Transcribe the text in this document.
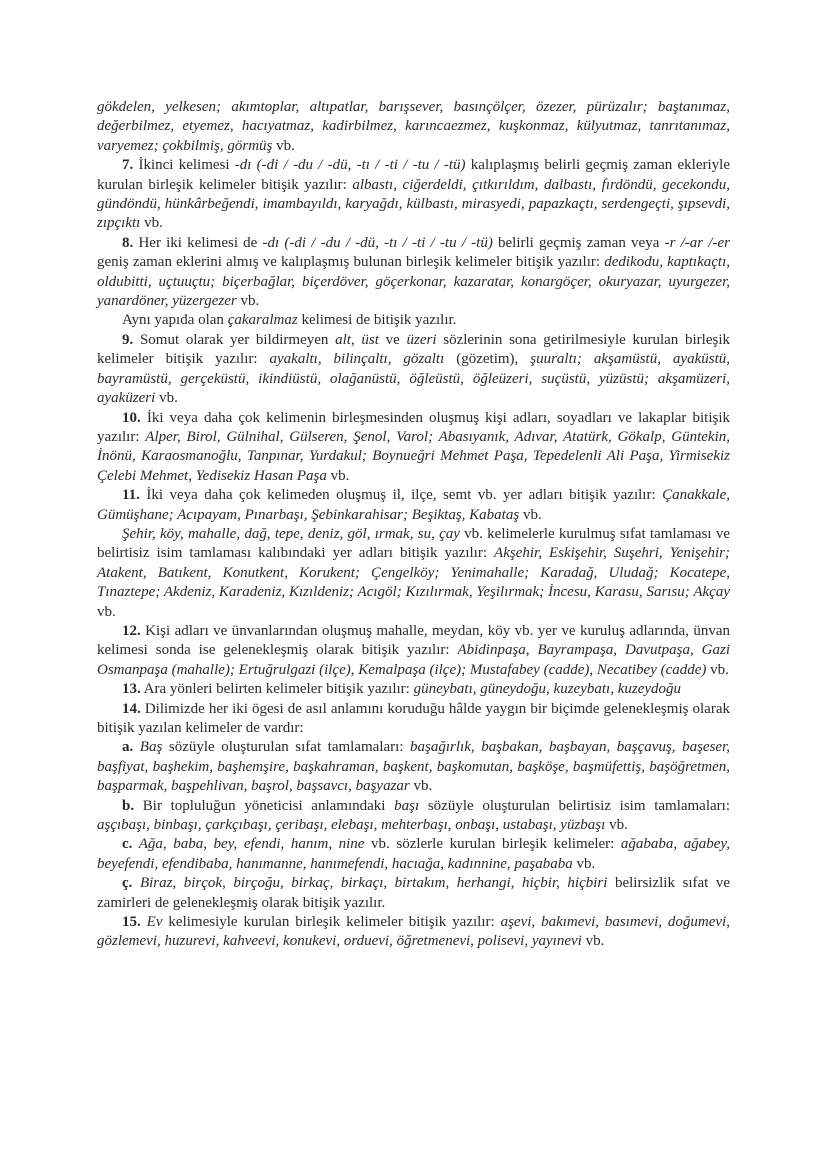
gökdelen, yelkesen; akımtoplar, altıpatlar, barışsever, basınçölçer, özezer, pürüzalır; baştanımaz, değerbilmez, etyemez, hacıyatmaz, kadirbilmez, karıncaezmez, kuşkonmaz, külyutmaz, tanrıtanımaz, varyemez; çokbilmiş, görmüş vb.

7. İkinci kelimesi -dı (-di / -du / -dü, -tı / -ti / -tu / -tü) kalıplaşmış belirli geçmiş zaman ekleriyle kurulan birleşik kelimeler bitişik yazılır: albastı, ciğerdeldi, çıtkırıldım, dalbastı, fırdöndü, gecekondu, gündöndü, hünkârbeğendi, imambayıldı, karyağdı, külbastı, mirasyedi, papazkaçtı, serdengeçti, şıpsevdi, zıpçıktı vb.

8. Her iki kelimesi de -dı (-di / -du / -dü, -tı / -ti / -tu / -tü) belirli geçmiş zaman veya -r /-ar /-er geniş zaman eklerini almış ve kalıplaşmış bulunan birleşik kelimeler bitişik yazılır: dedikodu, kaptıkaçtı, oldubitti, uçtuuçtu; biçerbağlar, biçerdöver, göçerkonar, kazaratar, konargöçer, okuryazar, uyurgezer, yanardöner, yüzergezer vb.

Aynı yapıda olan çakaralmaz kelimesi de bitişik yazılır.

9. Somut olarak yer bildirmeyen alt, üst ve üzeri sözlerinin sona getirilmesiyle kurulan birleşik kelimeler bitişik yazılır: ayakaltı, bilinçaltı, gözaltı (gözetim), şuuraltı; akşamüstü, ayaküstü, bayramüstü, gerçeküstü, ikindiüstü, olağanüstü, öğleüstü, öğleüzeri, suçüstü, yüzüstü; akşamüzeri, ayaküzeri vb.

10. İki veya daha çok kelimenin birleşmesinden oluşmuş kişi adları, soyadları ve lakaplar bitişik yazılır: Alper, Birol, Gülnihal, Gülseren, Şenol, Varol; Abasıyanık, Adıvar, Atatürk, Gökalp, Güntekin, İnönü, Karaosmanoğlu, Tanpınar, Yurdakul; Boynueğri Mehmet Paşa, Tepedelenli Ali Paşa, Yirmisekiz Çelebi Mehmet, Yedisekiz Hasan Paşa vb.

11. İki veya daha çok kelimeden oluşmuş il, ilçe, semt vb. yer adları bitişik yazılır: Çanakkale, Gümüşhane; Acıpayam, Pınarbaşı, Şebinkarahisar; Beşiktaş, Kabataş vb.

Şehir, köy, mahalle, dağ, tepe, deniz, göl, ırmak, su, çay vb. kelimelerle kurulmuş sıfat tamlaması ve belirtisiz isim tamlaması kalıbındaki yer adları bitişik yazılır: Akşehir, Eskişehir, Suşehri, Yenişehir; Atakent, Batıkent, Konutkent, Korukent; Çengelköy; Yenimahalle; Karadağ, Uludağ; Kocatepe, Tınaztepe; Akdeniz, Karadeniz, Kızıldeniz; Acıgöl; Kızılırmak, Yeşilırmak; İncesu, Karasu, Sarısu; Akçay vb.

12. Kişi adları ve ünvanlarından oluşmuş mahalle, meydan, köy vb. yer ve kuruluş adlarında, ünvan kelimesi sonda ise gelenekleşmiş olarak bitişik yazılır: Abidinpaşa, Bayrampaşa, Davutpaşa, Gazi Osmanpaşa (mahalle); Ertuğrulgazi (ilçe), Kemalpaşa (ilçe); Mustafabey (cadde), Necatibey (cadde) vb.

13. Ara yönleri belirten kelimeler bitişik yazılır: güneybatı, güneydoğu, kuzeybatı, kuzeydoğu

14. Dilimizde her iki ögesi de asıl anlamını koruduğu hâlde yaygın bir biçimde gelenekleşmiş olarak bitişik yazılan kelimeler de vardır:

a. Baş sözüyle oluşturulan sıfat tamlamaları: başağırlık, başbakan, başbayan, başçavuş, başeser, başfiyat, başhekim, başhemşire, başkahraman, başkent, başkomutan, başköşe, başmüfettiş, başöğretmen, başparmak, başpehlivan, başrol, başsavcı, başyazar vb.

b. Bir topluluğun yöneticisi anlamındaki başı sözüyle oluşturulan belirtisiz isim tamlamaları: aşçıbaşı, binbaşı, çarkçıbaşı, çeribaşı, elebaşı, mehterbaşı, onbaşı, ustabaşı, yüzbaşı vb.

c. Ağa, baba, bey, efendi, hanım, nine vb. sözlerle kurulan birleşik kelimeler: ağababa, ağabey, beyefendi, efendibaba, hanımanne, hanımefendi, hacıağa, kadınnine, paşababa vb.

ç. Biraz, birçok, birçoğu, birkaç, birkaçı, birtakım, herhangi, hiçbir, hiçbiri belirsizlik sıfat ve zamirleri de gelenekleşmiş olarak bitişik yazılır.

15. Ev kelimesiyle kurulan birleşik kelimeler bitişik yazılır: aşevi, bakımevi, basımevi, doğumevi, gözlemevi, huzurevi, kahveevi, konukevi, orduevi, öğretmenevi, polisevi, yayınevi vb.
